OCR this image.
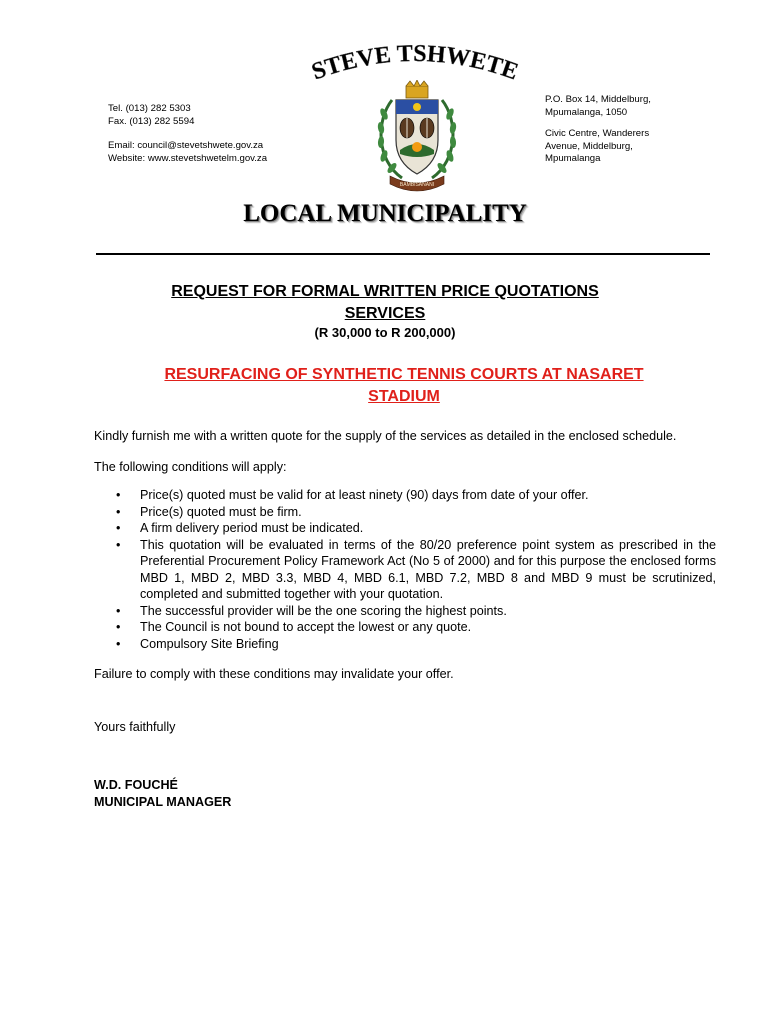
STEVE TSHWETE
Tel. (013) 282 5303
Fax. (013) 282 5594
Email: council@stevetshwete.gov.za
Website: www.stevetshwetelm.gov.za
BAMBISANANI
P.O. Box 14, Middelburg,
Mpumalanga, 1050
Civic Centre, Wanderers
Avenue, Middelburg,
Mpumalanga
LOCAL MUNICIPALITY
REQUEST FOR FORMAL WRITTEN PRICE QUOTATIONS
SERVICES
(R 30,000 to R 200,000)
RESURFACING OF SYNTHETIC TENNIS COURTS AT NASARET
STADIUM

Kindly furnish me with a written quote for the supply of the services as detailed in the enclosed schedule.

The following conditions will apply:

• Price(s) quoted must be valid for at least ninety (90) days from date of your offer.
• Price(s) quoted must be firm.
• A firm delivery period must be indicated.
• This quotation will be evaluated in terms of the 80/20 preference point system as prescribed in the Preferential Procurement Policy Framework Act (No 5 of 2000) and for this purpose the enclosed forms MBD 1, MBD 2, MBD 3.3, MBD 4, MBD 6.1, MBD 7.2, MBD 8 and MBD 9 must be scrutinized, completed and submitted together with your quotation.
• The successful provider will be the one scoring the highest points.
• The Council is not bound to accept the lowest or any quote.
• Compulsory Site Briefing

Failure to comply with these conditions may invalidate your offer.

Yours faithfully

W.D. FOUCHÉ

MUNICIPAL MANAGER
